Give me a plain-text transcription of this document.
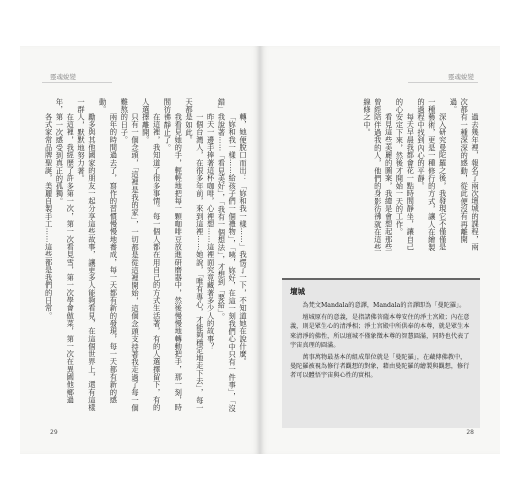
靈魂蛻變

轉，她便脫口而出：「妳和我一樣……」我愣了一下，不知道她在說什麼。

「妳和我一樣……給孩子們一個禮物」，「咦，妳好，在這一刻我們心中只有一件事」，「沒錯」我說著……「看見美好」，「我有一個想法」，才想到「要給」。

昨天一邊手捧著這杯咖啡，心裡想……這裡面究竟藏著多少人的故事？

一個台灣人，在很多年前，來到這裡……她說，「唯有專心，才能夠穩定地走下去」，每一天都是如此。

我看見她的手，輕輕地把每一顆咖啡豆放進研磨器中，然後慢慢地轉動把手，那一刻，時間彷彿靜止了。

在這裡，我知道了很多事情。每一個人都在用自己的方式生活著，有的人選擇留下，有的人選擇離開。

只有一個念頭，「這裡是我的家」，一切都是從這裡開始，這個念頭支持著我走過了每一個難熬的日子。

兩年的時間過去了，寫作的習慣慢慢地養成，每一天都有新的發現，每一天都有新的感動。

勵多與其他國家的朋友一起分享這些故事，讓更多人能夠看見，在這個世界上，還有這樣一群人，默默地努力著。

在這裡，我經歷了許多第一次，第一次看見雪，第一次學會做菜，第一次在異國他鄉過年，第一次感受到真正的孤獨。

各式家常品牌聖誕，美麗自製手工……這些都是我們的日常。

29
靈魂蛻變

過去幾年裡，報名了兩次壇城的課程，兩次都有一種深深的感動，從此便沒有再離開過。

深入研究曼陀羅之後，我發現它不僅僅是一種藝術，更是一種修行的方式，讓人在繪製的過程中找到內心的平靜。

每天早晨我都會花一點時間靜坐，讓自己的心安定下來，然後才開始一天的工作。

看見這些美麗的圖案，我總是會想起那些曾經陪伴過我的人，他們的身影彷彿就在這些線條之中。

壇城

為梵文Mandala的意譯，Mandala的音譯即為「曼陀羅」。

壇城原有的意義，是指諸佛菩薩本尊安住的淨土宮殿；內在意義，則是眾生心的清淨相；淨土宮殿中所供奉的本尊，就是眾生本來清淨的佛性，所以壇城不僅象徵本尊的智慧圓滿，同時也代表了宇宙真理的圓滿。

萬事萬物最基本的組成單位就是「曼陀羅」，在藏傳佛教中，曼陀羅被視為修行者觀想的對象，藉由曼陀羅的繪製與觀想，修行者可以體悟宇宙與心性的實相。

28
